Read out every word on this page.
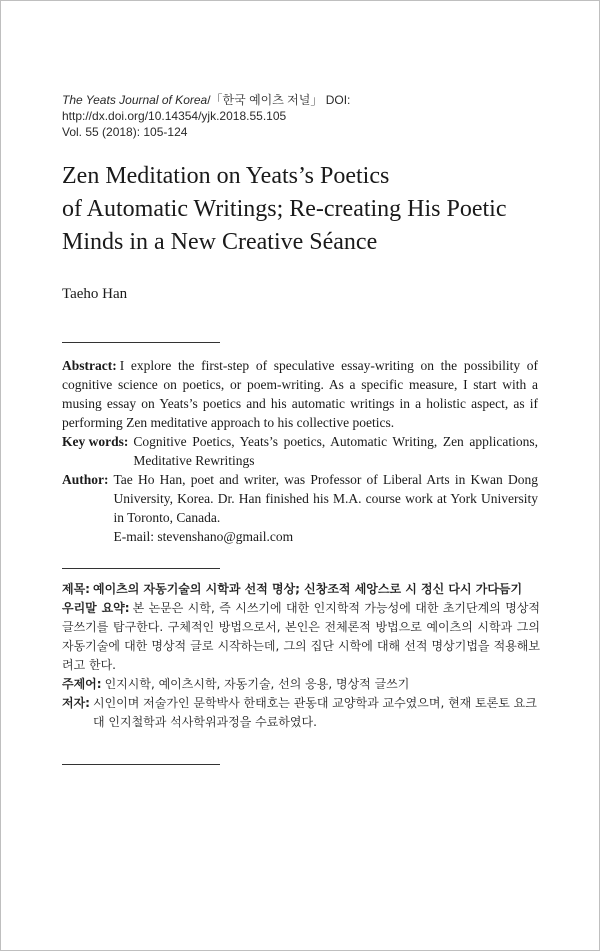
The Yeats Journal of Korea/「한국 예이츠 저널」 DOI: http://dx.doi.org/10.14354/yjk.2018.55.105
Vol. 55 (2018): 105-124
Zen Meditation on Yeats’s Poetics
of Automatic Writings; Re-creating His Poetic
Minds in a New Creative Séance
Taeho Han
Abstract: I explore the first-step of speculative essay-writing on the possibility of cognitive science on poetics, or poem-writing. As a specific measure, I start with a musing essay on Yeats’s poetics and his automatic writings in a holistic aspect, as if performing Zen meditative approach to his collective poetics.
Key words: Cognitive Poetics, Yeats’s poetics, Automatic Writing, Zen applications, Meditative Rewritings
Author: Tae Ho Han, poet and writer, was Professor of Liberal Arts in Kwan Dong University, Korea. Dr. Han finished his M.A. course work at York University in Toronto, Canada.
E-mail: stevenshano@gmail.com
제목: 예이츠의 자동기술의 시학과 선적 명상; 신창조적 세앙스로 시 정신 다시 가다듬기
우리말 요약: 본 논문은 시학, 즉 시쓰기에 대한 인지학적 가능성에 대한 초기단계의 명상적 글쓰기를 탐구한다. 구체적인 방법으로서, 본인은 전체론적 방법으로 예이츠의 시학과 그의 자동기술에 대한 명상적 글로 시작하는데, 그의 집단 시학에 대해 선적 명상기법을 적용해보려고 한다.
주제어: 인지시학, 예이츠시학, 자동기술, 선의 응용, 명상적 글쓰기
저자: 시인이며 저술가인 문학박사 한태호는 관동대 교양학과 교수였으며, 현재 토론토 요크대 인지철학과 석사학위과정을 수료하였다.
